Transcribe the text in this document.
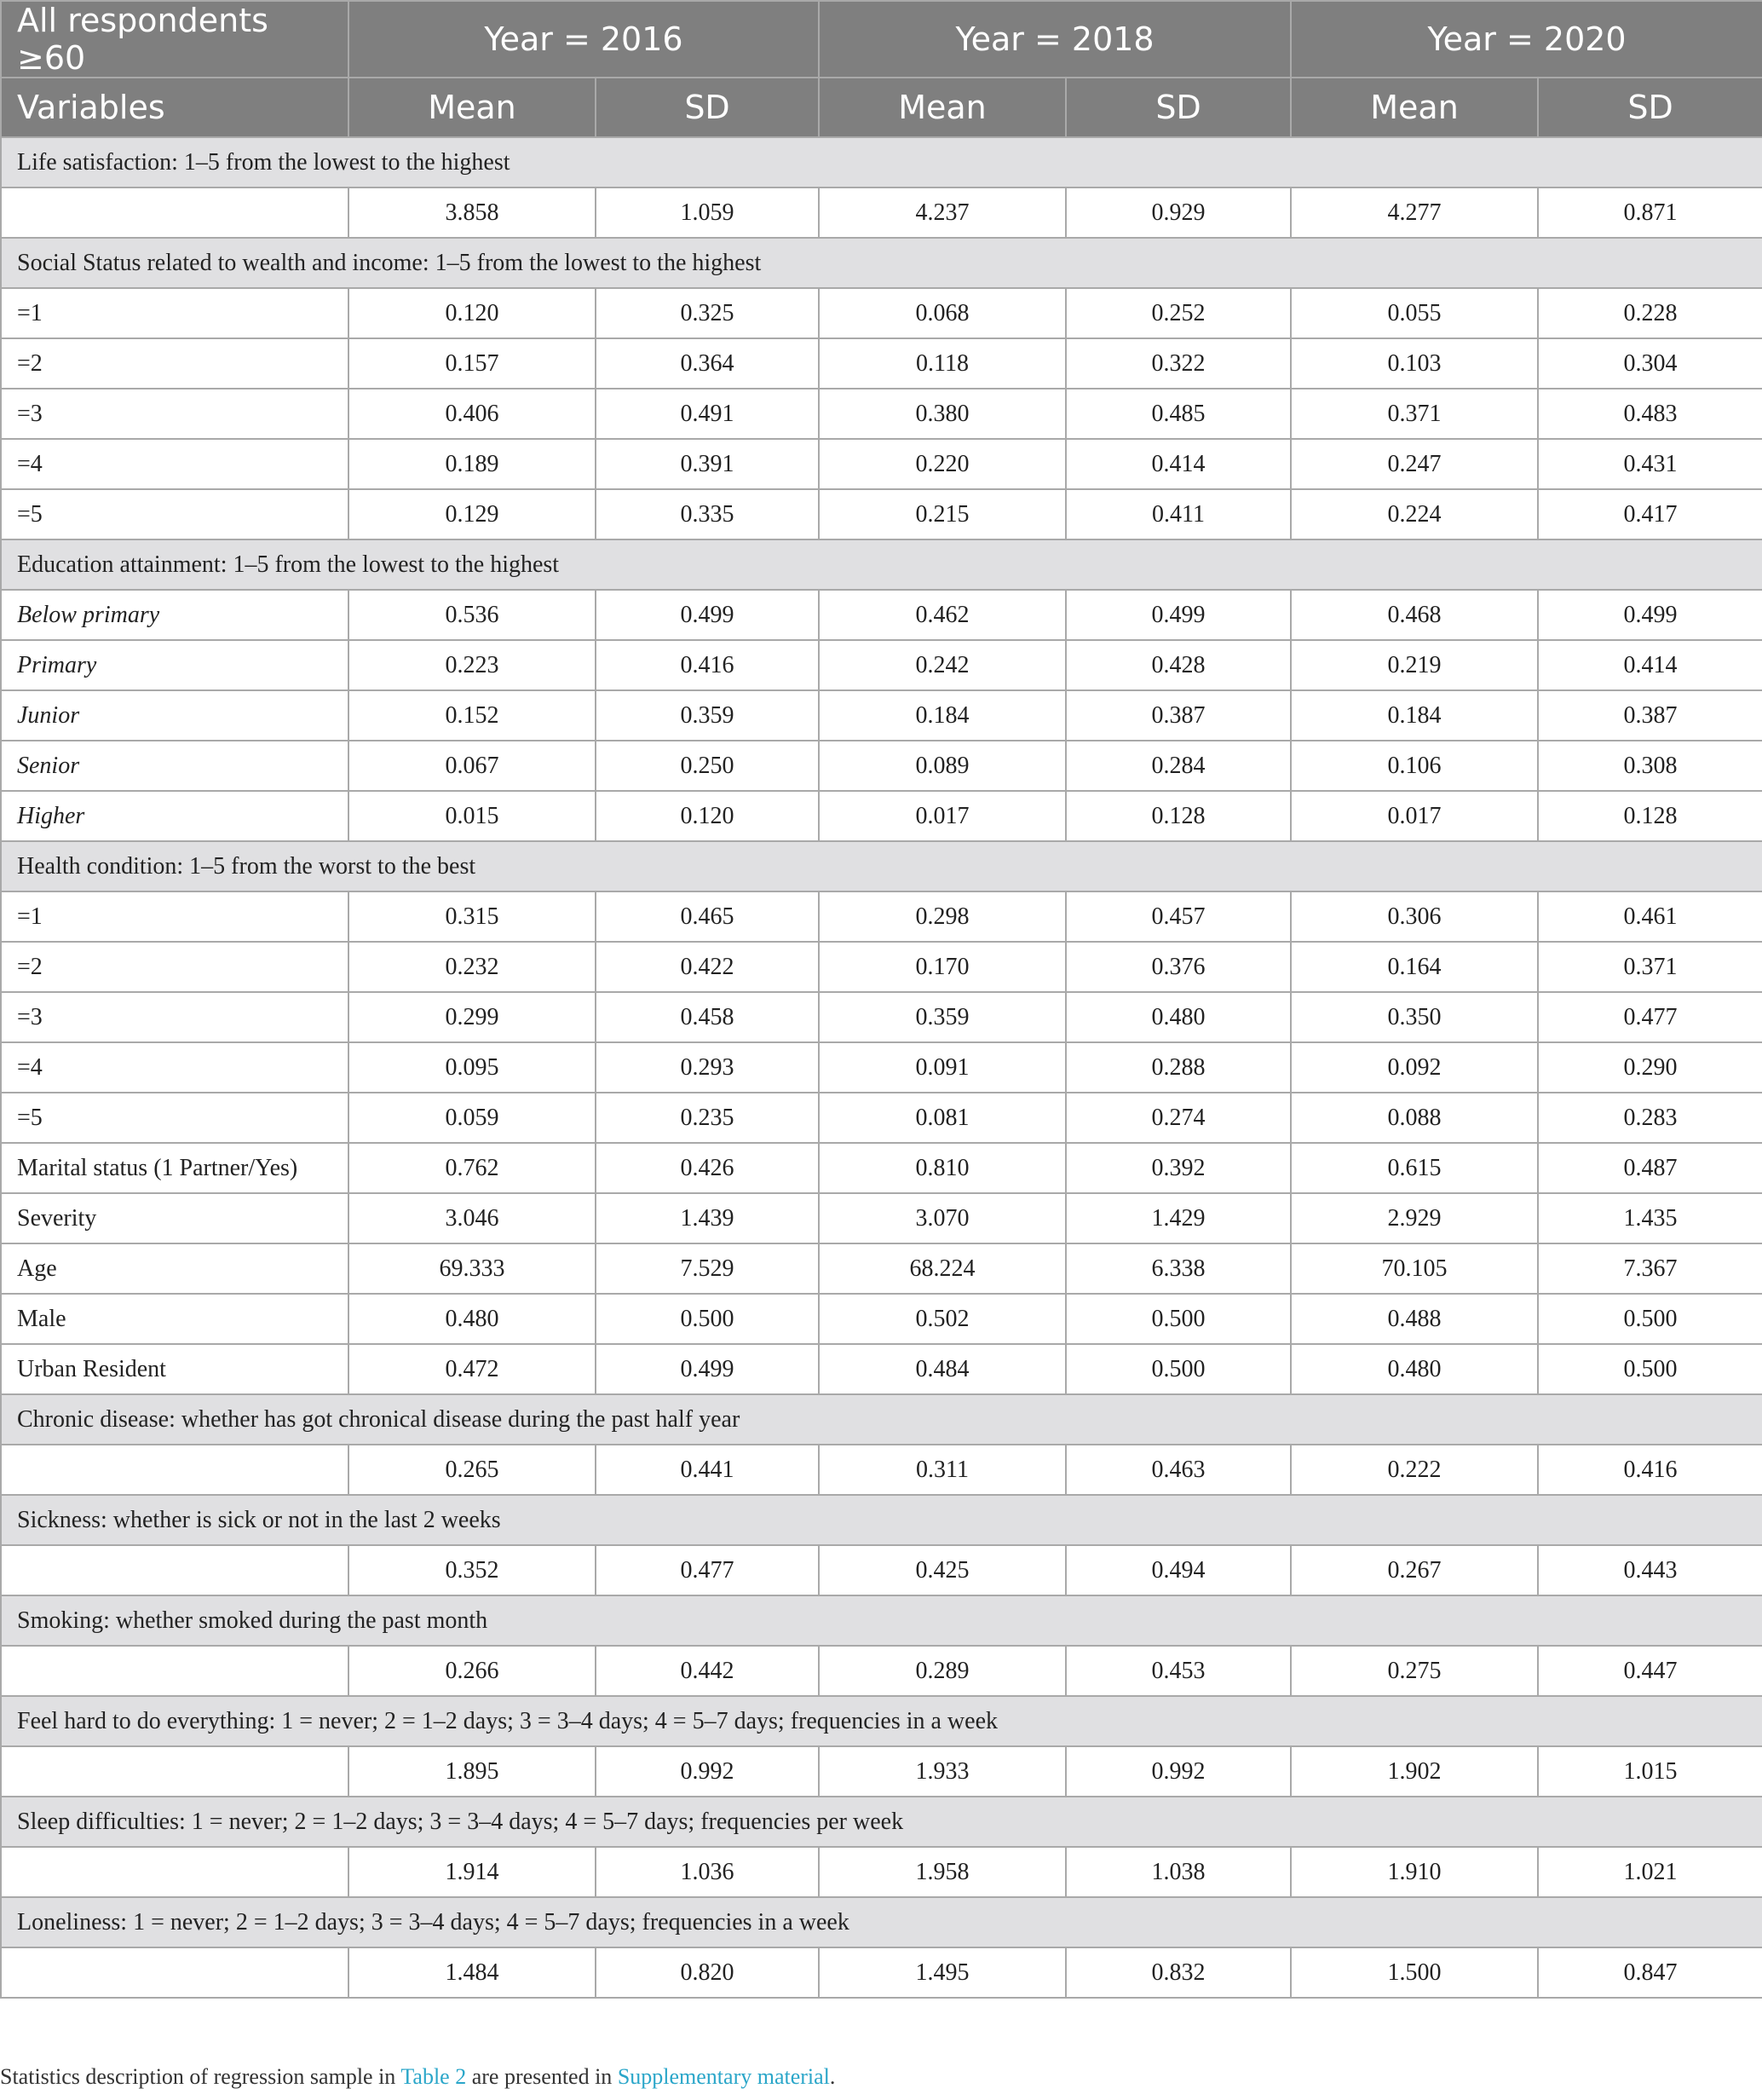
All respondents ≥60	Year = 2016		Year = 2018		Year = 2020	
Variables	Mean	SD	Mean	SD	Mean	SD
Life satisfaction: 1–5 from the lowest to the highest						
	3.858	1.059	4.237	0.929	4.277	0.871
Social Status related to wealth and income: 1–5 from the lowest to the highest						
=1	0.120	0.325	0.068	0.252	0.055	0.228
=2	0.157	0.364	0.118	0.322	0.103	0.304
=3	0.406	0.491	0.380	0.485	0.371	0.483
=4	0.189	0.391	0.220	0.414	0.247	0.431
=5	0.129	0.335	0.215	0.411	0.224	0.417
Education attainment: 1–5 from the lowest to the highest						
Below primary	0.536	0.499	0.462	0.499	0.468	0.499
Primary	0.223	0.416	0.242	0.428	0.219	0.414
Junior	0.152	0.359	0.184	0.387	0.184	0.387
Senior	0.067	0.250	0.089	0.284	0.106	0.308
Higher	0.015	0.120	0.017	0.128	0.017	0.128
Health condition: 1–5 from the worst to the best						
=1	0.315	0.465	0.298	0.457	0.306	0.461
=2	0.232	0.422	0.170	0.376	0.164	0.371
=3	0.299	0.458	0.359	0.480	0.350	0.477
=4	0.095	0.293	0.091	0.288	0.092	0.290
=5	0.059	0.235	0.081	0.274	0.088	0.283
Marital status (1 Partner/Yes)	0.762	0.426	0.810	0.392	0.615	0.487
Severity	3.046	1.439	3.070	1.429	2.929	1.435
Age	69.333	7.529	68.224	6.338	70.105	7.367
Male	0.480	0.500	0.502	0.500	0.488	0.500
Urban Resident	0.472	0.499	0.484	0.500	0.480	0.500
Chronic disease: whether has got chronical disease during the past half year						
	0.265	0.441	0.311	0.463	0.222	0.416
Sickness: whether is sick or not in the last 2 weeks						
	0.352	0.477	0.425	0.494	0.267	0.443
Smoking: whether smoked during the past month						
	0.266	0.442	0.289	0.453	0.275	0.447
Feel hard to do everything: 1 = never; 2 = 1–2 days; 3 = 3–4 days; 4 = 5–7 days; frequencies in a week						
	1.895	0.992	1.933	0.992	1.902	1.015
Sleep difficulties: 1 = never; 2 = 1–2 days; 3 = 3–4 days; 4 = 5–7 days; frequencies per week						
	1.914	1.036	1.958	1.038	1.910	1.021
Loneliness: 1 = never; 2 = 1–2 days; 3 = 3–4 days; 4 = 5–7 days; frequencies in a week						
	1.484	0.820	1.495	0.832	1.500	0.847
Statistics description of regression sample in Table 2 are presented in Supplementary material.
